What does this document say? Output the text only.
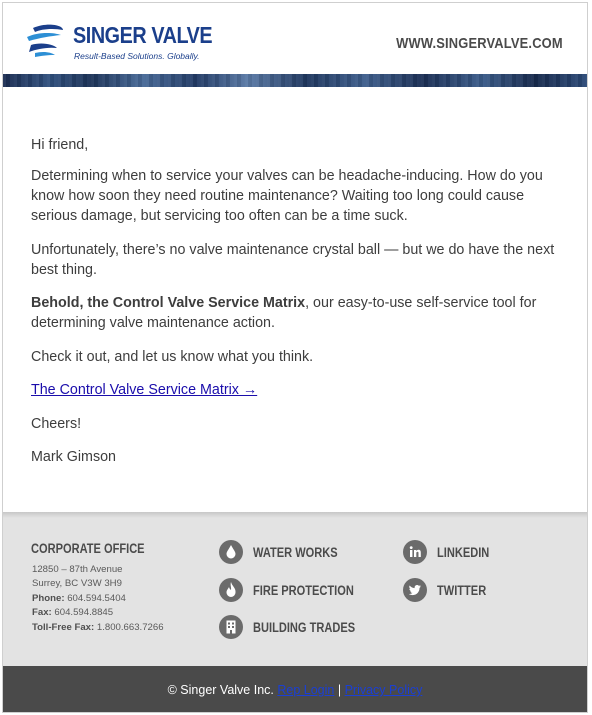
SINGER VALVE
Result-Based Solutions. Globally.
WWW.SINGERVALVE.COM

Hi friend,

Determining when to service your valves can be headache-inducing. How do you know how soon they need routine maintenance? Waiting too long could cause serious damage, but servicing too often can be a time suck.

Unfortunately, there’s no valve maintenance crystal ball — but we do have the next best thing.

Behold, the Control Valve Service Matrix, our easy-to-use self-service tool for determining valve maintenance action.

Check it out, and let us know what you think.

The Control Valve Service Matrix →

Cheers!

Mark Gimson

CORPORATE OFFICE
12850 – 87th Avenue
Surrey, BC V3W 3H9
Phone: 604.594.5404
Fax: 604.594.8845
Toll-Free Fax: 1.800.663.7266
WATER WORKS
FIRE PROTECTION
BUILDING TRADES
LINKEDIN
TWITTER
© Singer Valve Inc. Rep Login | Privacy Policy
